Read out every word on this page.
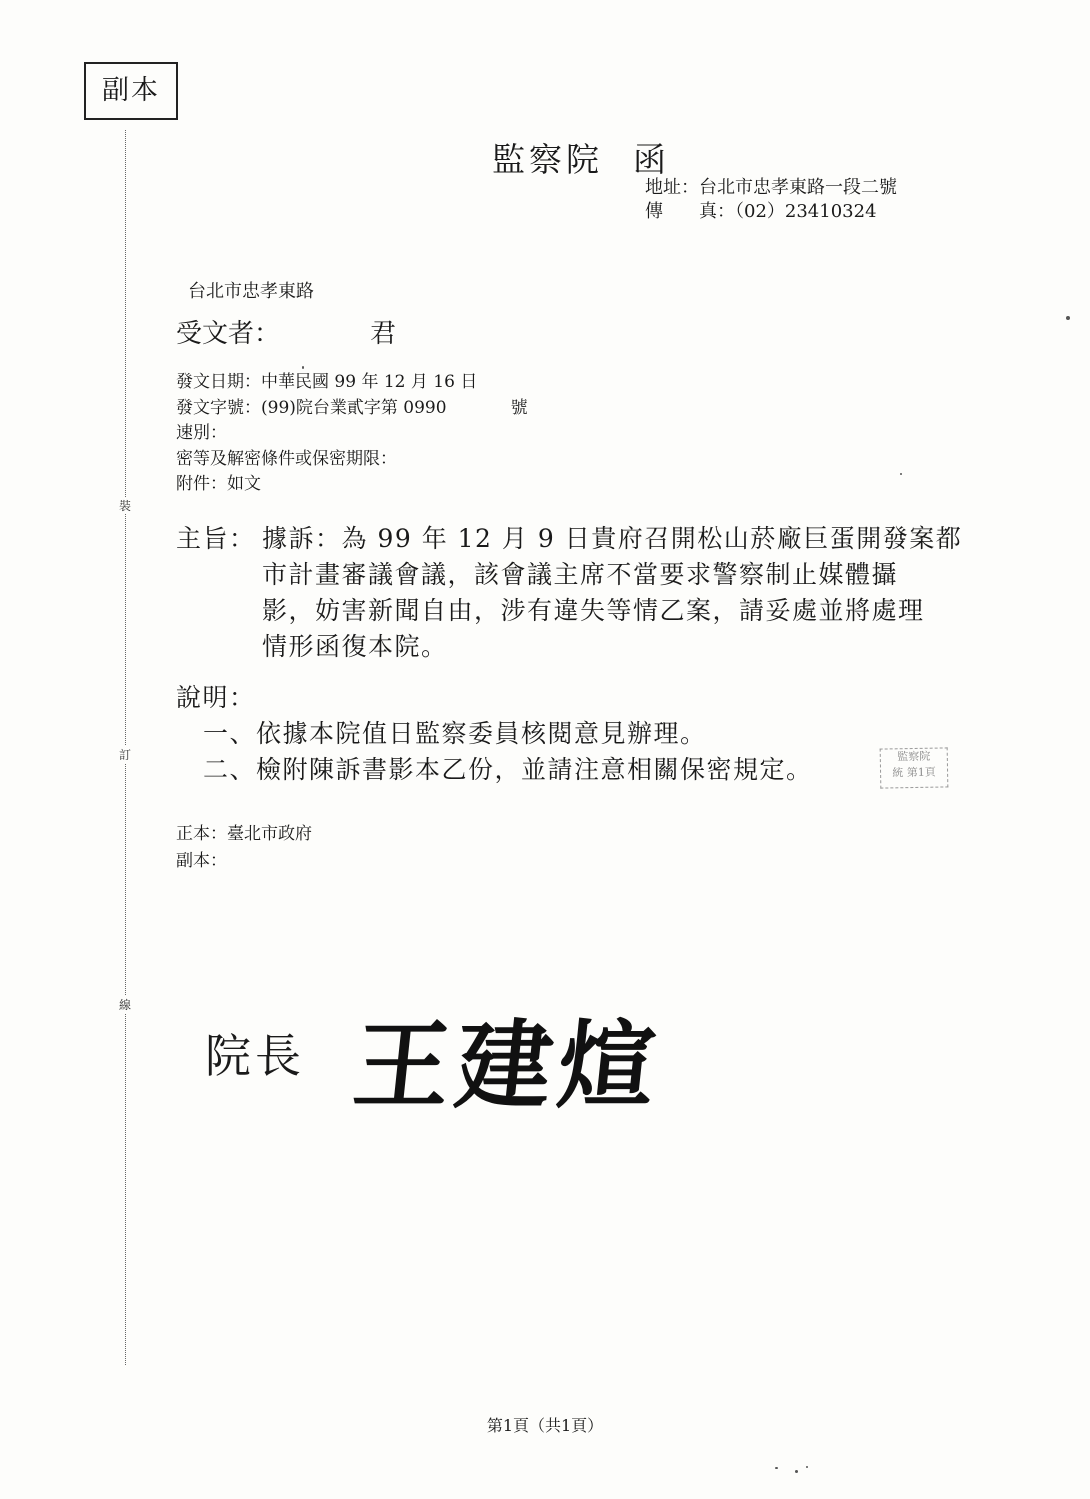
副本
裝
訂
線
監察院 函
地址：台北市忠孝東路一段二號
傳　　真：（02）23410324
台北市忠孝東路
受文者：	君
發文日期：中華民國 99 年 12 月 16 日
發文字號：(99)院台業貳字第 0990	號
速別：
密等及解密條件或保密期限：
附件：如文
主旨： 據訴：為 99 年 12 月 9 日貴府召開松山菸廠巨蛋開發案都
市計畫審議會議，該會議主席不當要求警察制止媒體攝
影，妨害新聞自由，涉有違失等情乙案，請妥處並將處理
情形函復本院。
說明：
一、依據本院值日監察委員核閱意見辦理。
二、檢附陳訴書影本乙份，並請注意相關保密規定。	監察院
統 第1頁
正本：臺北市政府
副本：
院長 王建煊
第1頁（共1頁）
